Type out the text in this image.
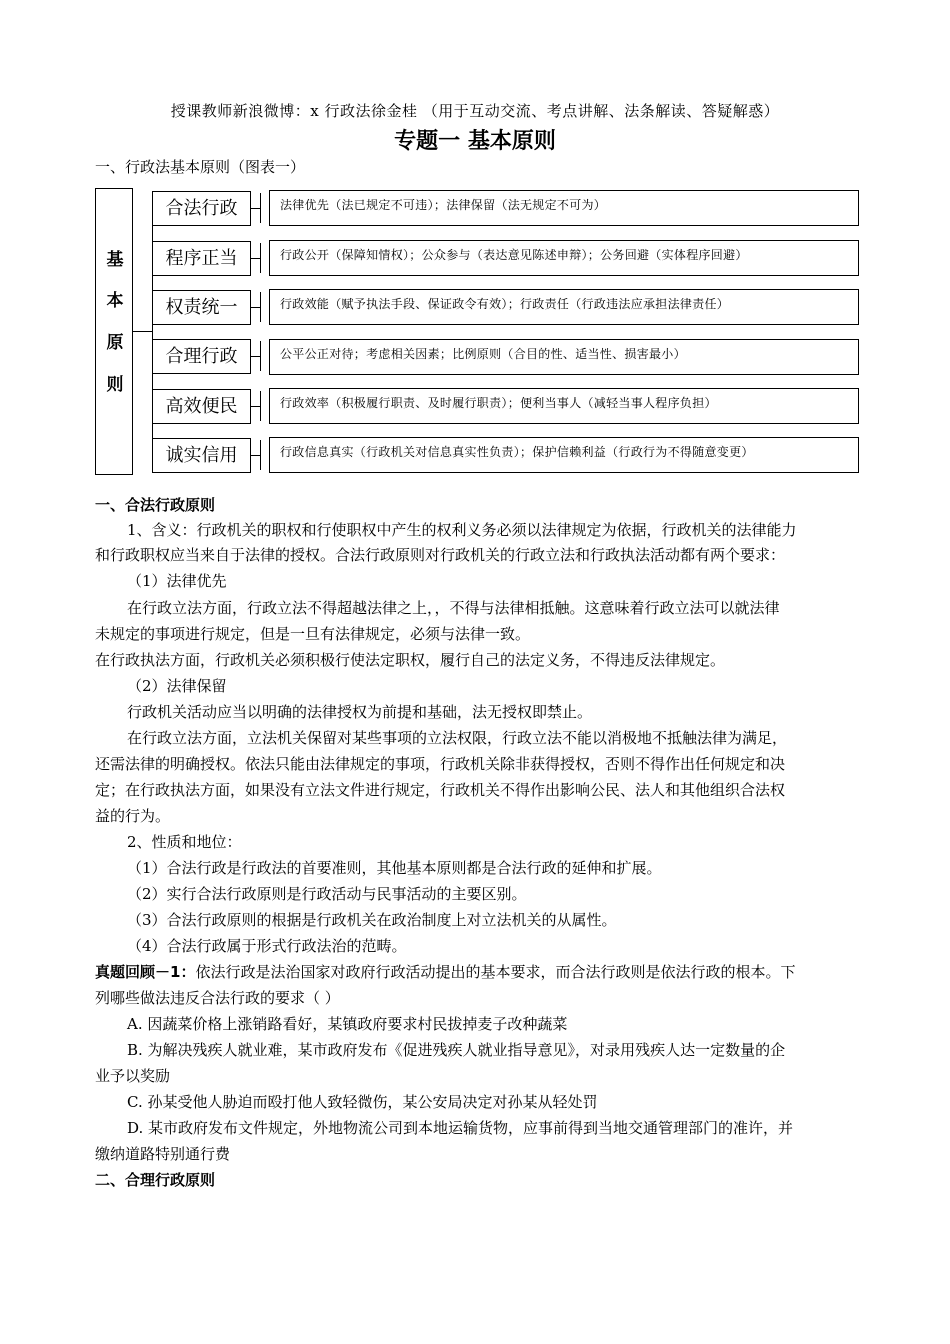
授课教师新浪微博：x 行政法徐金桂 （用于互动交流、考点讲解、法条解读、答疑解惑）
专题一 基本原则
一、行政法基本原则（图表一）
基
本
原
则
合法行政	法律优先（法已规定不可违）；法律保留（法无规定不可为）
程序正当	行政公开（保障知情权）；公众参与（表达意见陈述申辩）；公务回避（实体程序回避）
权责统一	行政效能（赋予执法手段、保证政令有效）；行政责任（行政违法应承担法律责任）
合理行政	公平公正对待；考虑相关因素；比例原则（合目的性、适当性、损害最小）
高效便民	行政效率（积极履行职责、及时履行职责）；便利当事人（减轻当事人程序负担）
诚实信用	行政信息真实（行政机关对信息真实性负责）；保护信赖利益（行政行为不得随意变更）
一、合法行政原则
1、含义：行政机关的职权和行使职权中产生的权利义务必须以法律规定为依据，行政机关的法律能力
和行政职权应当来自于法律的授权。合法行政原则对行政机关的行政立法和行政执法活动都有两个要求：
（1）法律优先
在行政立法方面，行政立法不得超越法律之上，，不得与法律相抵触。这意味着行政立法可以就法律
未规定的事项进行规定，但是一旦有法律规定，必须与法律一致。
在行政执法方面，行政机关必须积极行使法定职权，履行自己的法定义务，不得违反法律规定。
（2）法律保留
行政机关活动应当以明确的法律授权为前提和基础，法无授权即禁止。
在行政立法方面，立法机关保留对某些事项的立法权限，行政立法不能以消极地不抵触法律为满足，
还需法律的明确授权。依法只能由法律规定的事项，行政机关除非获得授权，否则不得作出任何规定和决
定；在行政执法方面，如果没有立法文件进行规定，行政机关不得作出影响公民、法人和其他组织合法权
益的行为。
2、性质和地位：
（1）合法行政是行政法的首要准则，其他基本原则都是合法行政的延伸和扩展。
（2）实行合法行政原则是行政活动与民事活动的主要区别。
（3）合法行政原则的根据是行政机关在政治制度上对立法机关的从属性。
（4）合法行政属于形式行政法治的范畴。
真题回顾－1：依法行政是法治国家对政府行政活动提出的基本要求，而合法行政则是依法行政的根本。下
列哪些做法违反合法行政的要求（ ）
A. 因蔬菜价格上涨销路看好，某镇政府要求村民拔掉麦子改种蔬菜
B. 为解决残疾人就业难，某市政府发布《促进残疾人就业指导意见》，对录用残疾人达一定数量的企
业予以奖励
C. 孙某受他人胁迫而殴打他人致轻微伤，某公安局决定对孙某从轻处罚
D. 某市政府发布文件规定，外地物流公司到本地运输货物，应事前得到当地交通管理部门的准许，并
缴纳道路特别通行费
二、合理行政原则
